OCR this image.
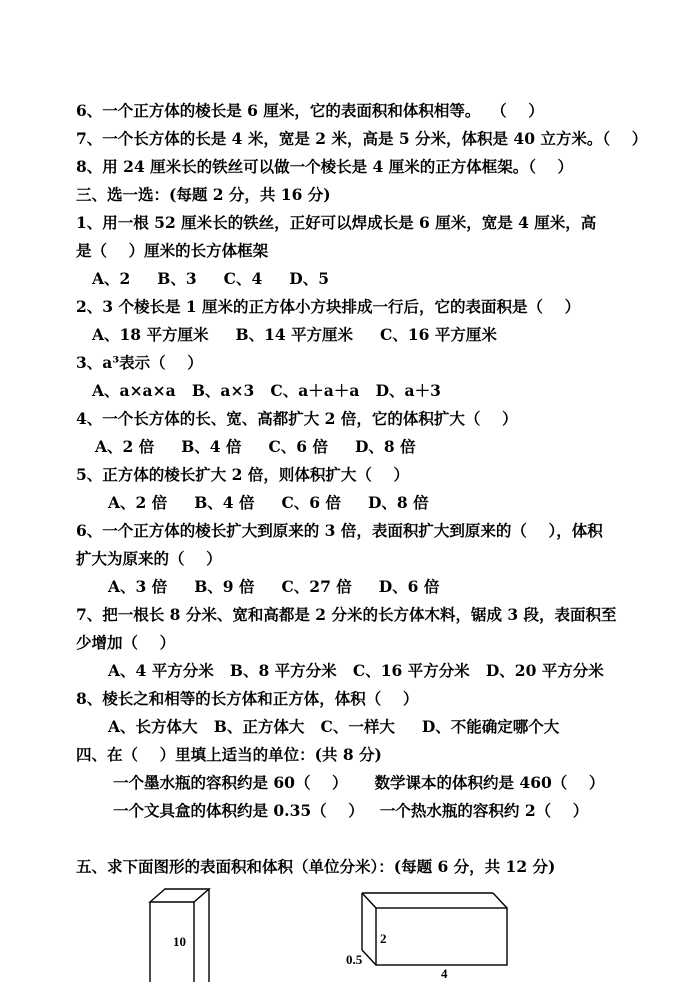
6、一个正方体的棱长是 6 厘米，它的表面积和体积相等。  （    ）
7、一个长方体的长是 4 米，宽是 2 米，高是 5 分米，体积是 40 立方米。（    ）
8、用 24 厘米长的铁丝可以做一个棱长是 4 厘米的正方体框架。（    ）
三、选一选：(每题 2 分，共 16 分)
1、用一根 52 厘米长的铁丝，正好可以焊成长是 6 厘米，宽是 4 厘米，高
是（    ）厘米的长方体框架
A、2     B、3     C、4     D、5
2、3 个棱长是 1 厘米的正方体小方块排成一行后，它的表面积是（    ）
A、18 平方厘米     B、14 平方厘米     C、16 平方厘米
3、a³表示（    ）
A、a×a×a   B、a×3   C、a＋a＋a   D、a＋3
4、一个长方体的长、宽、高都扩大 2 倍，它的体积扩大（    ）
A、2 倍     B、4 倍     C、6 倍     D、8 倍
5、正方体的棱长扩大 2 倍，则体积扩大（    ）
A、2 倍     B、4 倍     C、6 倍     D、8 倍
6、一个正方体的棱长扩大到原来的 3 倍，表面积扩大到原来的（    ），体积
扩大为原来的（    ）
A、3 倍     B、9 倍     C、27 倍     D、6 倍
7、把一根长 8 分米、宽和高都是 2 分米的长方体木料，锯成 3 段，表面积至
少增加（    ）
A、4 平方分米   B、8 平方分米   C、16 平方分米   D、20 平方分米
8、棱长之和相等的长方体和正方体，体积（    ）
A、长方体大   B、正方体大   C、一样大     D、不能确定哪个大
四、在（    ）里填上适当的单位：(共 8 分)
一个墨水瓶的容积约是 60（    ）     数学课本的体积约是 460（    ）
一个文具盒的体积约是 0.35（    ）   一个热水瓶的容积约 2（    ）
五、求下面图形的表面积和体积（单位分米）：(每题 6 分，共 12 分)
10	2
0.5
4
